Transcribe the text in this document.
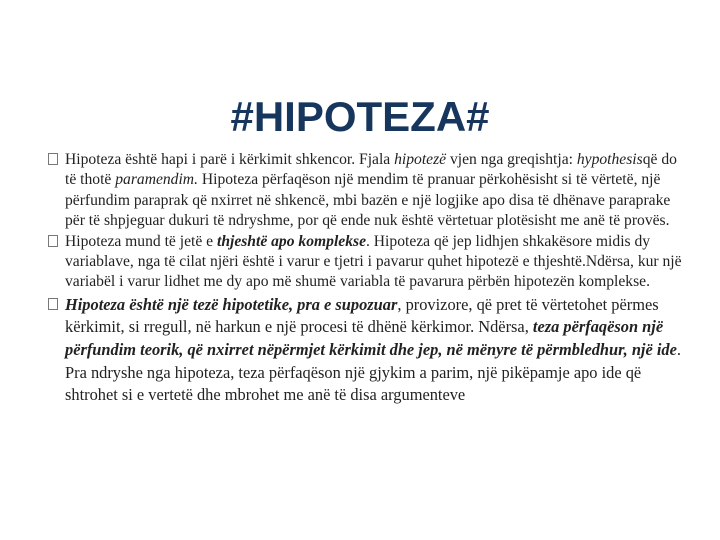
#HIPOTEZA#
Hipoteza është hapi i parë i kërkimit shkencor. Fjala hipotezë vjen nga greqishtja: hypothesisqë do të thotë paramendim. Hipoteza përfaqëson një mendim të pranuar përkohësisht si të vërtetë, një përfundim paraprak që nxirret në shkencë, mbi bazën e një logjike apo disa të dhënave paraprake për të shpjeguar dukuri të ndryshme, por që ende nuk është vërtetuar plotësisht me anë të provës.
Hipoteza mund të jetë e thjeshtë apo komplekse. Hipoteza që jep lidhjen shkakësore midis dy variablave, nga të cilat njëri është i varur e tjetri i pavarur quhet hipotezë e thjeshtë.Ndërsa, kur një variabël i varur lidhet me dy apo më shumë variabla të pavarura përbën hipotezën komplekse.
Hipoteza është një tezë hipotetike, pra e supozuar, provizore, që pret të vërtetohet përmes kërkimit, si rregull, në harkun e një procesi të dhënë kërkimor. Ndërsa, teza përfaqëson një përfundim teorik, që nxirret nëpërmjet kërkimit dhe jep, në mënyre të përmbledhur, një ide. Pra ndryshe nga hipoteza, teza përfaqëson një gjykim a parim, një pikëpamje apo ide që shtrohet si e vertetë dhe mbrohet me anë të disa argumenteve
